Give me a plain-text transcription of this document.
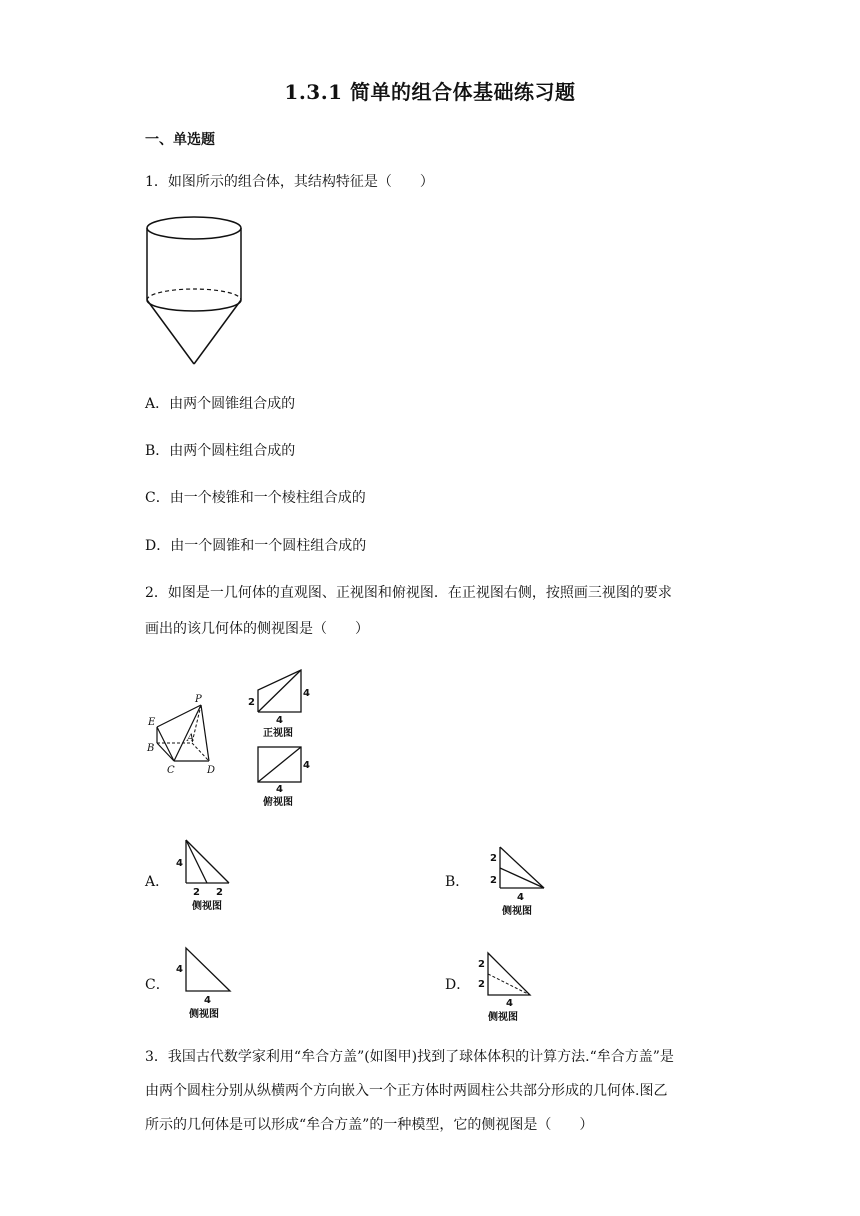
1.3.1 简单的组合体基础练习题
一、单选题
1．如图所示的组合体，其结构特征是（　　）
A．由两个圆锥组合成的
B．由两个圆柱组合成的
C．由一个棱锥和一个棱柱组合成的
D．由一个圆锥和一个圆柱组合成的
2．如图是一几何体的直观图、正视图和俯视图．在正视图右侧，按照画三视图的要求
画出的该几何体的侧视图是（　　）
P
E
A
B
C	D
2
4
4
正视图
4
4
俯视图
A．
4
2 2
侧视图
B．
2
2
4
侧视图
C．
4
4
侧视图
D．
2
2
4
侧视图
3．我国古代数学家利用“牟合方盖”(如图甲)找到了球体体积的计算方法.“牟合方盖”是
由两个圆柱分别从纵横两个方向嵌入一个正方体时两圆柱公共部分形成的几何体.图乙
所示的几何体是可以形成“牟合方盖”的一种模型，它的侧视图是（　　）
